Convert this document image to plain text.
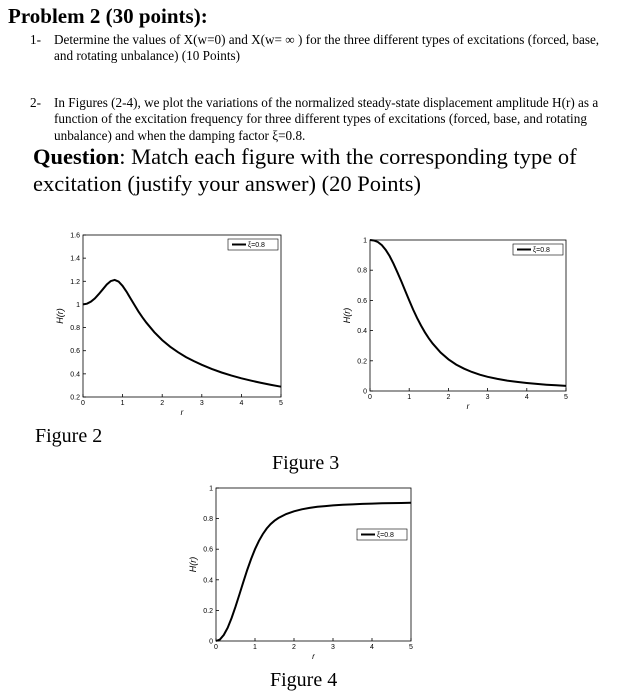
Problem 2 (30 points):
1- Determine the values of X(w=0) and X(w= ∞ ) for the three different types of excitations (forced, base, and rotating unbalance) (10 Points)
2- In Figures (2-4), we plot the variations of the normalized steady-state displacement amplitude H(r) as a function of the excitation frequency for three different types of excitations (forced, base, and rotating unbalance) and when the damping factor ξ=0.8.
Question: Match each figure with the corresponding type of excitation (justify your answer) (20 Points)
0	1	2	3	4	5
0.2
0.4
0.6
0.8
1
1.2
1.4
1.6
r
H(r)
ξ=0.8
0	1	2	3	4	5
0
0.2
0.4
0.6
0.8
1
r
H(r)
ξ=0.8
0	1	2	3	4	5
0
0.2
0.4
0.6
0.8
1
r
H(r)
ξ=0.8
Figure 2
Figure 3
Figure 4
